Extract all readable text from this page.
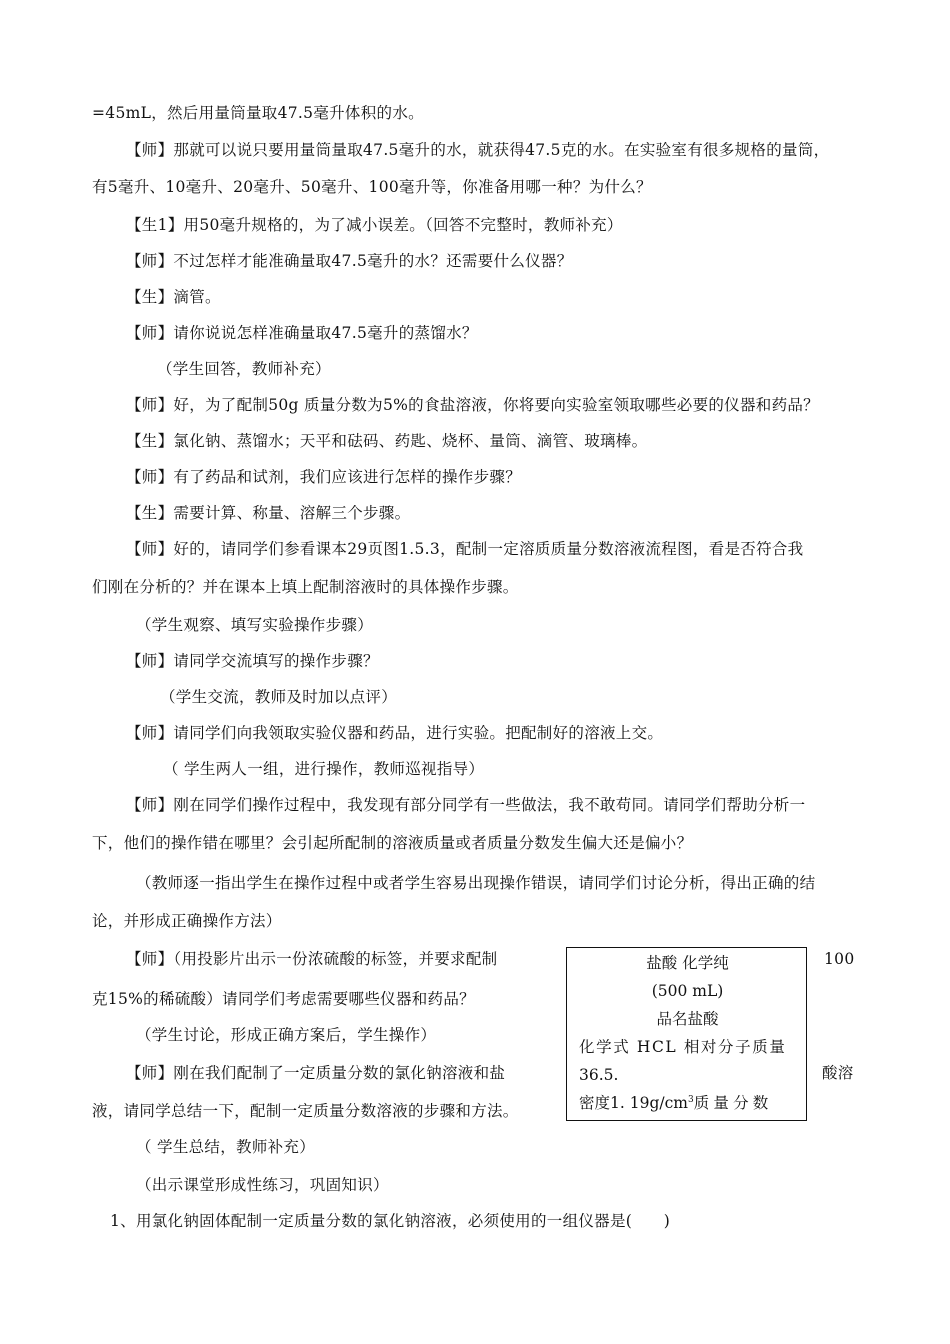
=45mL，然后用量筒量取47.5毫升体积的水。
【师】那就可以说只要用量筒量取47.5毫升的水，就获得47.5克的水。在实验室有很多规格的量筒，
有5毫升、10毫升、20毫升、50毫升、100毫升等，你准备用哪一种？为什么？
【生1】用50毫升规格的，为了减小误差。（回答不完整时，教师补充）
【师】不过怎样才能准确量取47.5毫升的水？还需要什么仪器？
【生】滴管。
【师】请你说说怎样准确量取47.5毫升的蒸馏水？
（学生回答，教师补充）
【师】好，为了配制50g 质量分数为5%的食盐溶液，你将要向实验室领取哪些必要的仪器和药品？
【生】氯化钠、蒸馏水；天平和砝码、药匙、烧杯、量筒、滴管、玻璃棒。
【师】有了药品和试剂，我们应该进行怎样的操作步骤？
【生】需要计算、称量、溶解三个步骤。
【师】好的，请同学们参看课本29页图1.5.3，配制一定溶质质量分数溶液流程图，看是否符合我
们刚在分析的？并在课本上填上配制溶液时的具体操作步骤。
（学生观察、填写实验操作步骤）
【师】请同学交流填写的操作步骤？
（学生交流，教师及时加以点评）
【师】请同学们向我领取实验仪器和药品，进行实验。把配制好的溶液上交。
（ 学生两人一组，进行操作，教师巡视指导）
【师】刚在同学们操作过程中，我发现有部分同学有一些做法，我不敢苟同。请同学们帮助分析一
下，他们的操作错在哪里？会引起所配制的溶液质量或者质量分数发生偏大还是偏小？
（教师逐一指出学生在操作过程中或者学生容易出现操作错误，请同学们讨论分析，得出正确的结
论，并形成正确操作方法）
【师】（用投影片出示一份浓硫酸的标签，并要求配制	100
克15%的稀硫酸）请同学们考虑需要哪些仪器和药品？
（学生讨论，形成正确方案后，学生操作）
【师】刚在我们配制了一定质量分数的氯化钠溶液和盐	酸溶
液，请同学总结一下，配制一定质量分数溶液的步骤和方法。
（ 学生总结，教师补充）
（出示课堂形成性练习，巩固知识）
1、用氯化钠固体配制一定质量分数的氯化钠溶液，必须使用的一组仪器是(　　)
盐酸 化学纯
(500 mL)
品名盐酸
化学式 HCL 相对分子质量
36.5.
密度1. $19g/cm^3$质量分数
